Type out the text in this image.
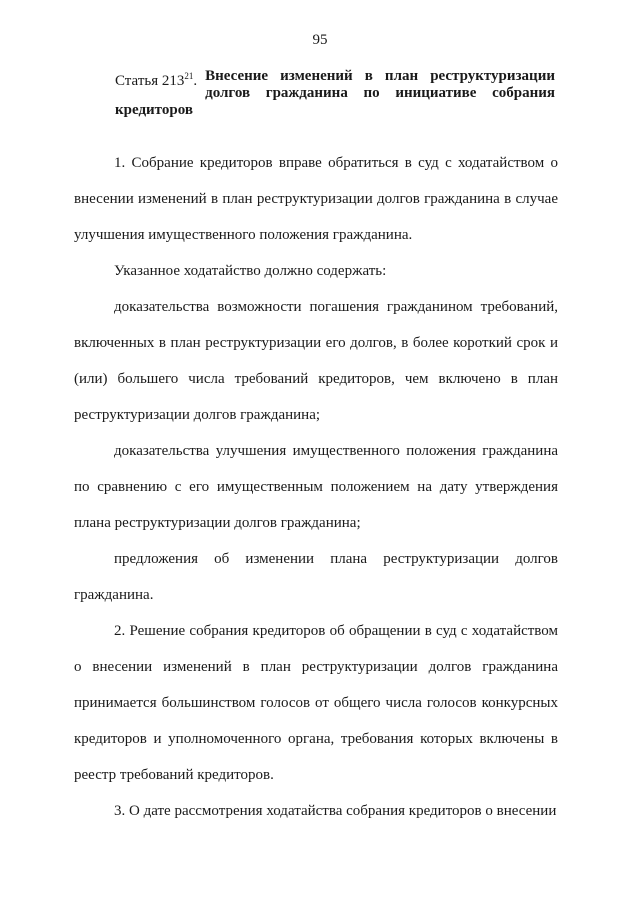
95
Статья $213^{21}$. Внесение изменений в план реструктуризации долгов гражданина по инициативе собрания кредиторов

1. Собрание кредиторов вправе обратиться в суд с ходатайством о внесении изменений в план реструктуризации долгов гражданина в случае улучшения имущественного положения гражданина.

Указанное ходатайство должно содержать:

доказательства возможности погашения гражданином требований, включенных в план реструктуризации его долгов, в более короткий срок и (или) большего числа требований кредиторов, чем включено в план реструктуризации долгов гражданина;

доказательства улучшения имущественного положения гражданина по сравнению с его имущественным положением на дату утверждения плана реструктуризации долгов гражданина;

предложения об изменении плана реструктуризации долгов гражданина.

2. Решение собрания кредиторов об обращении в суд с ходатайством о внесении изменений в план реструктуризации долгов гражданина принимается большинством голосов от общего числа голосов конкурсных кредиторов и уполномоченного органа, требования которых включены в реестр требований кредиторов.

3. О дате рассмотрения ходатайства собрания кредиторов о внесении
